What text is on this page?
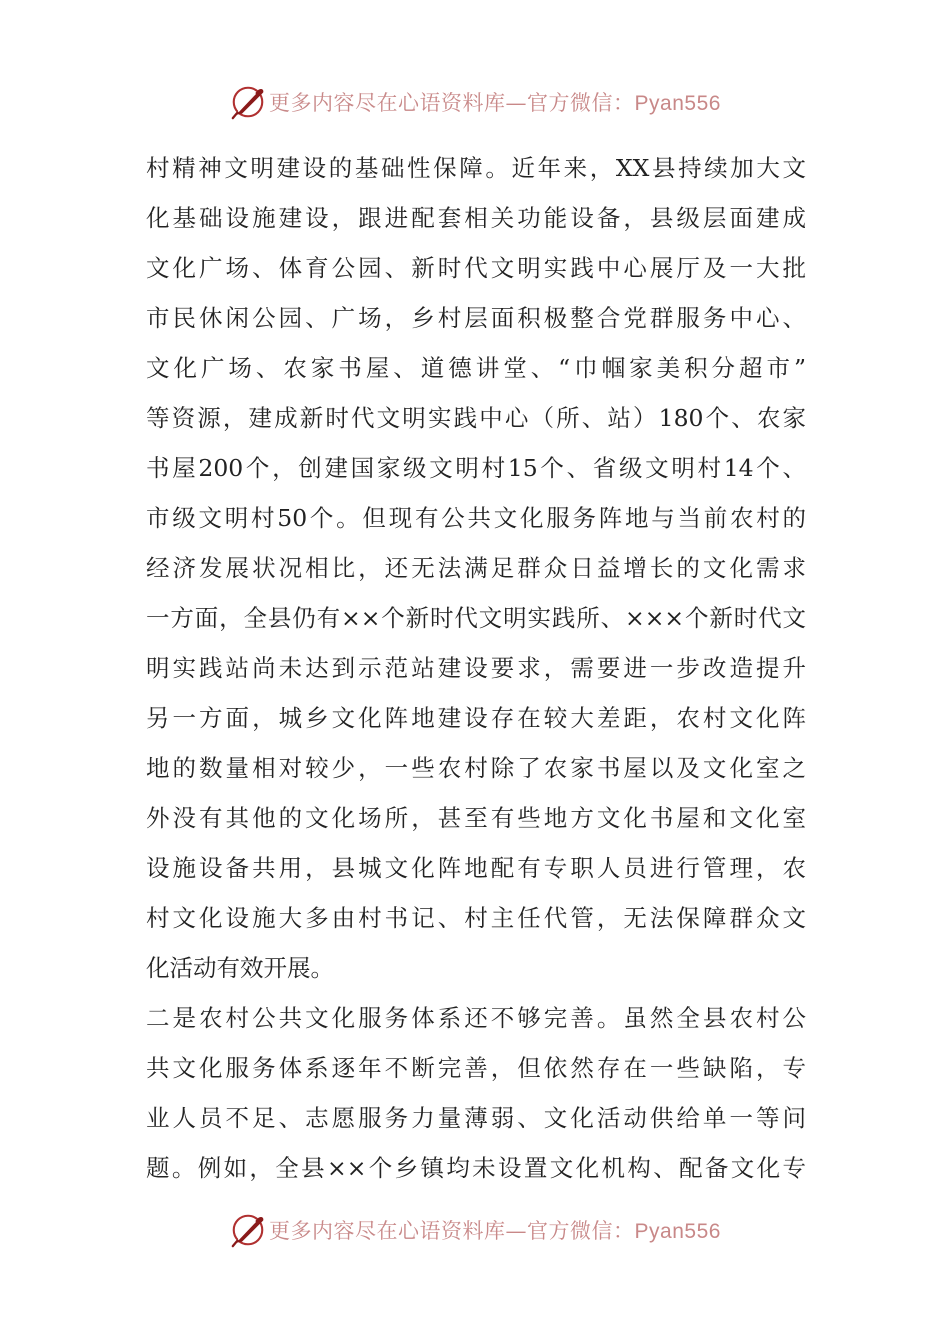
更多内容尽在心语资料库—官方微信：Pyan556
村精神文明建设的基础性保障。近年来，XX县持续加大文
化基础设施建设，跟进配套相关功能设备，县级层面建成
文化广场、体育公园、新时代文明实践中心展厅及一大批
市民休闲公园、广场，乡村层面积极整合党群服务中心、
文化广场、农家书屋、道德讲堂、“巾帼家美积分超市”
等资源，建成新时代文明实践中心（所、站）180个、农家
书屋200个，创建国家级文明村15个、省级文明村14个、
市级文明村50个。但现有公共文化服务阵地与当前农村的
经济发展状况相比，还无法满足群众日益增长的文化需求
一方面，全县仍有××个新时代文明实践所、×××个新时代文
明实践站尚未达到示范站建设要求，需要进一步改造提升
另一方面，城乡文化阵地建设存在较大差距，农村文化阵
地的数量相对较少，一些农村除了农家书屋以及文化室之
外没有其他的文化场所，甚至有些地方文化书屋和文化室
设施设备共用，县城文化阵地配有专职人员进行管理，农
村文化设施大多由村书记、村主任代管，无法保障群众文
化活动有效开展。
二是农村公共文化服务体系还不够完善。虽然全县农村公
共文化服务体系逐年不断完善，但依然存在一些缺陷，专
业人员不足、志愿服务力量薄弱、文化活动供给单一等问
题。例如，全县××个乡镇均未设置文化机构、配备文化专
更多内容尽在心语资料库—官方微信：Pyan556
